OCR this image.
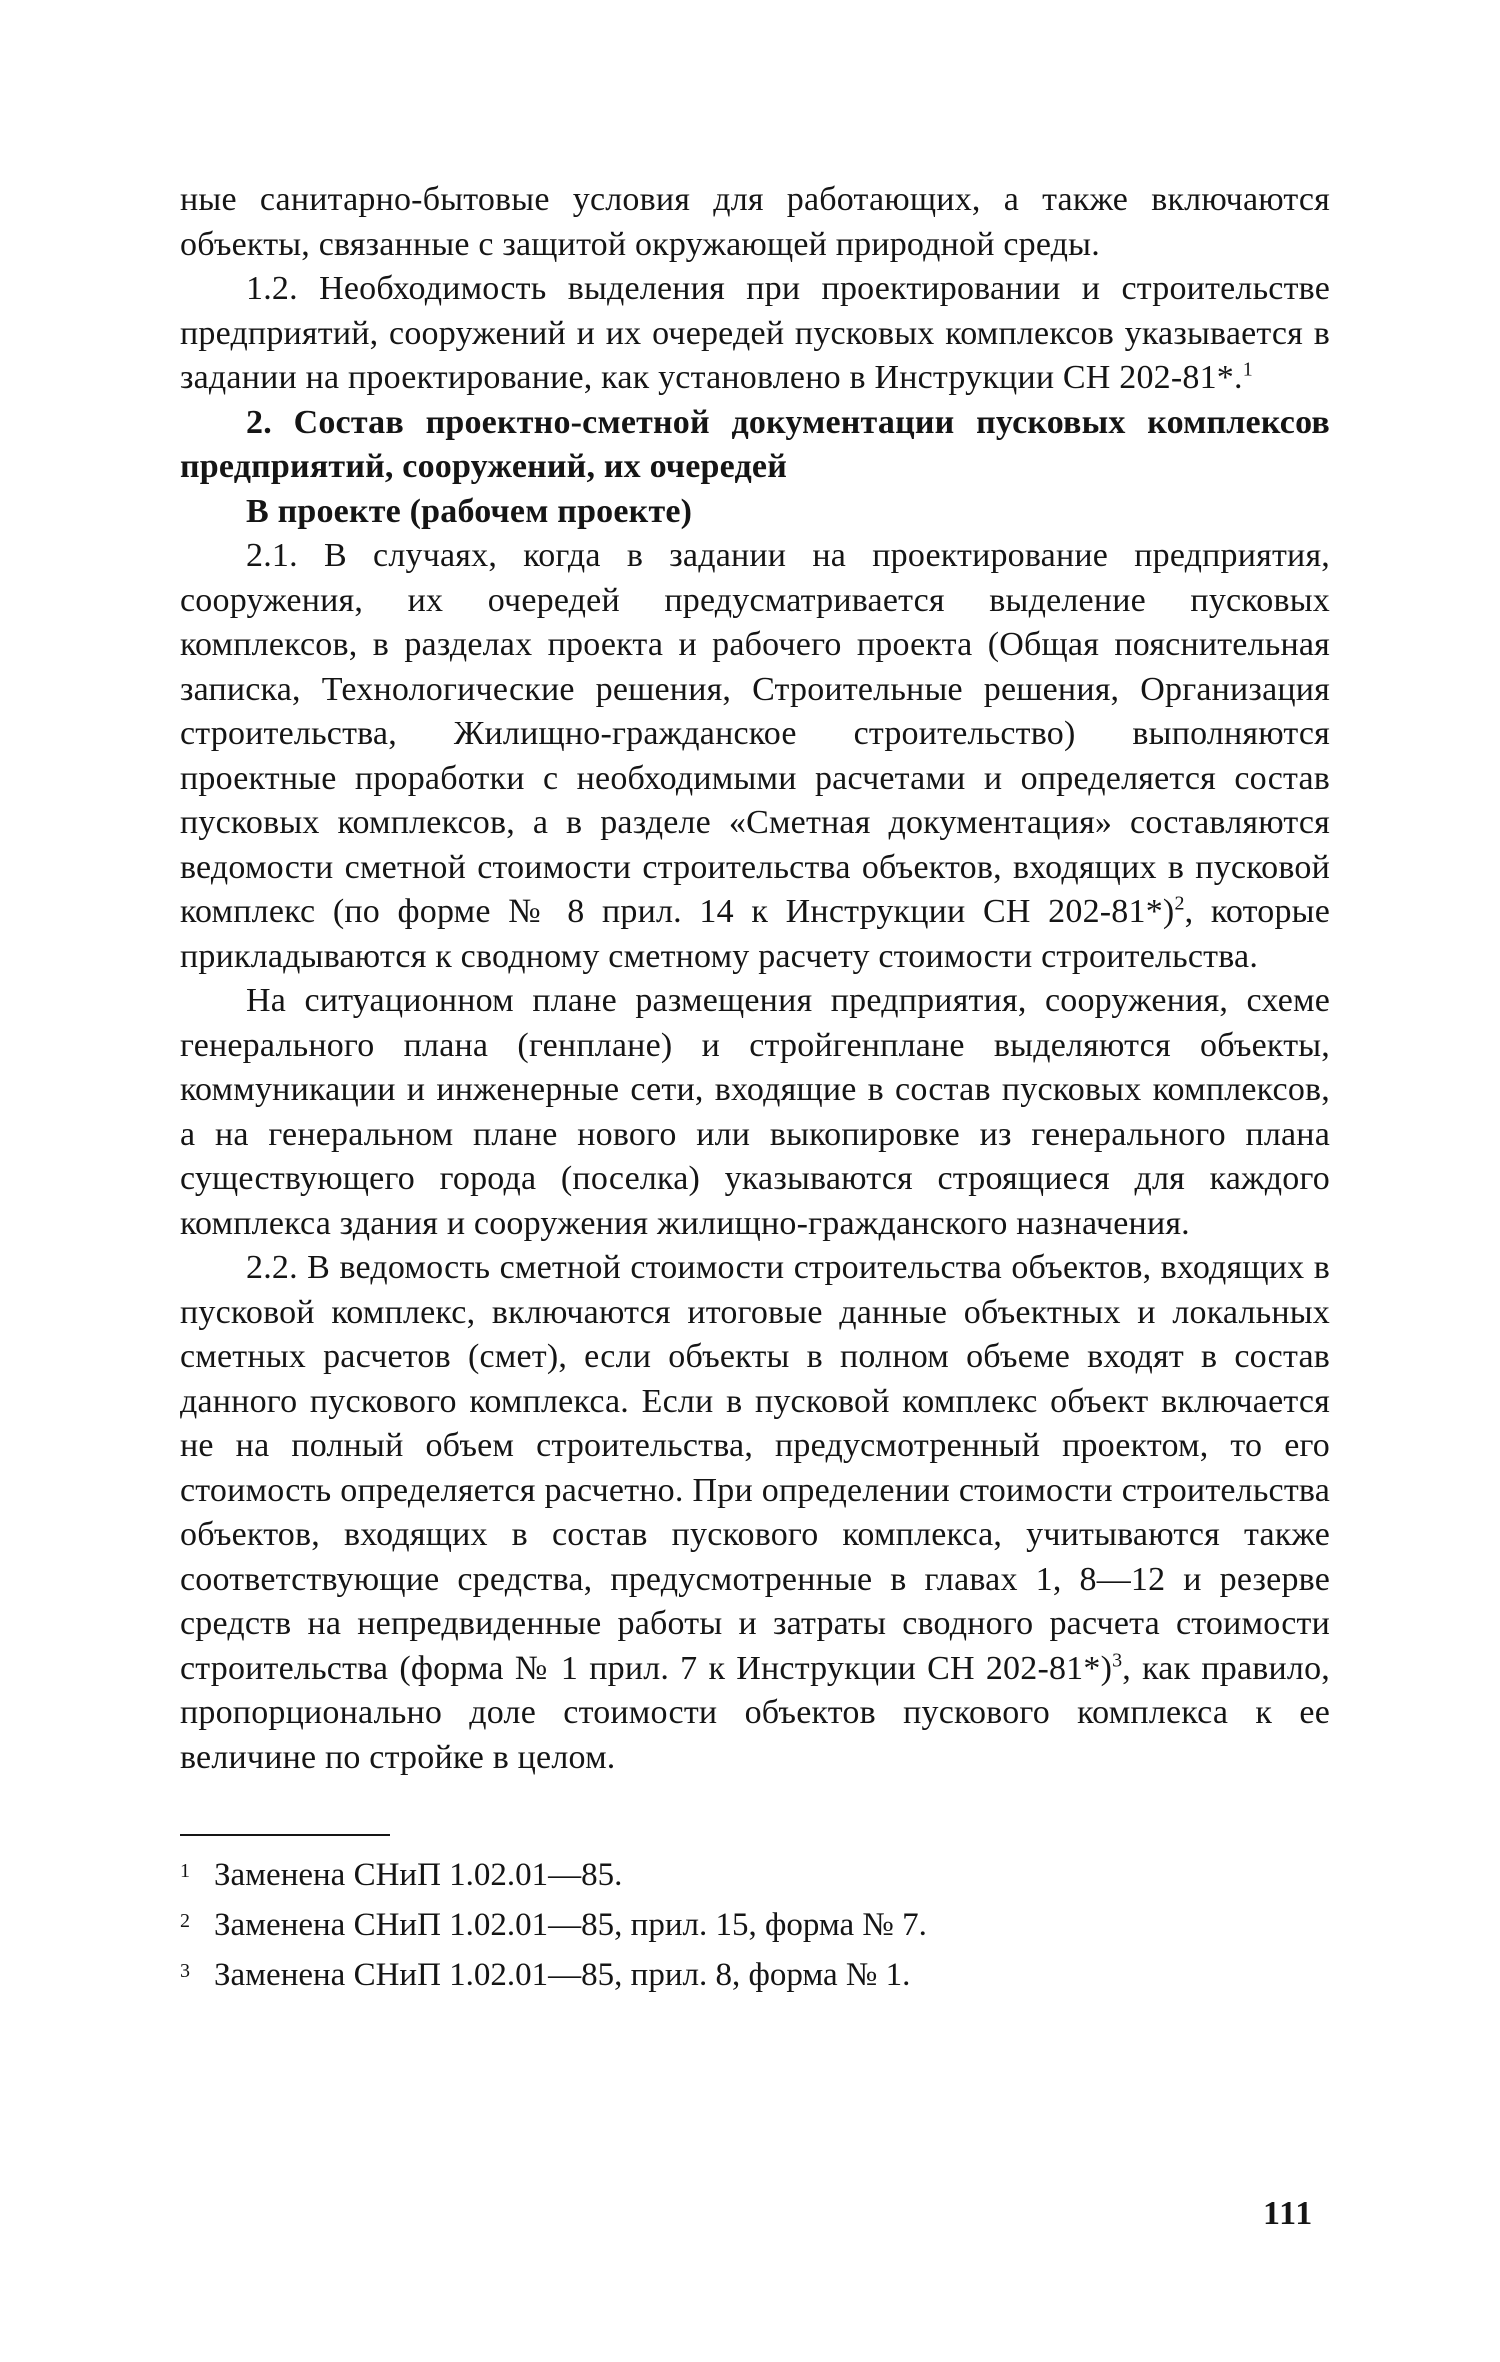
ные санитарно-бытовые условия для работающих, а также включаются объекты, связанные с защитой окружающей природной среды.

1.2. Необходимость выделения при проектировании и строительстве предприятий, сооружений и их очередей пусковых комплексов указывается в задании на проектирование, как установлено в Инструкции СН 202-81*.$^1$

2. Состав проектно-сметной документации пусковых комплексов предприятий, сооружений, их очередей

В проекте (рабочем проекте)

2.1. В случаях, когда в задании на проектирование предприятия, сооружения, их очередей предусматривается выделение пусковых комплексов, в разделах проекта и рабочего проекта (Общая пояснительная записка, Технологические решения, Строительные решения, Организация строительства, Жилищно-гражданское строительство) выполняются проектные проработки с необходимыми расчетами и определяется состав пусковых комплексов, а в разделе «Сметная документация» составляются ведомости сметной стоимости строительства объектов, входящих в пусковой комплекс (по форме № 8 прил. 14 к Инструкции СН 202-81*)$^2$, которые прикладываются к сводному сметному расчету стоимости строительства.

На ситуационном плане размещения предприятия, сооружения, схеме генерального плана (генплане) и стройгенплане выделяются объекты, коммуникации и инженерные сети, входящие в состав пусковых комплексов, а на генеральном плане нового или выкопировке из генерального плана существующего города (поселка) указываются строящиеся для каждого комплекса здания и сооружения жилищно-гражданского назначения.

2.2. В ведомость сметной стоимости строительства объектов, входящих в пусковой комплекс, включаются итоговые данные объектных и локальных сметных расчетов (смет), если объекты в полном объеме входят в состав данного пускового комплекса. Если в пусковой комплекс объект включается не на полный объем строительства, предусмотренный проектом, то его стоимость определяется расчетно. При определении стоимости строительства объектов, входящих в состав пускового комплекса, учитываются также соответствующие средства, предусмотренные в главах 1, 8—12 и резерве средств на непредвиденные работы и затраты сводного расчета стоимости строительства (форма № 1 прил. 7 к Инструкции СН 202-81*)$^3$, как правило, пропорционально доле стоимости объектов пускового комплекса к ее величине по стройке в целом.

1 Заменена СНиП 1.02.01—85.

2 Заменена СНиП 1.02.01—85, прил. 15, форма № 7.

3 Заменена СНиП 1.02.01—85, прил. 8, форма № 1.

111
